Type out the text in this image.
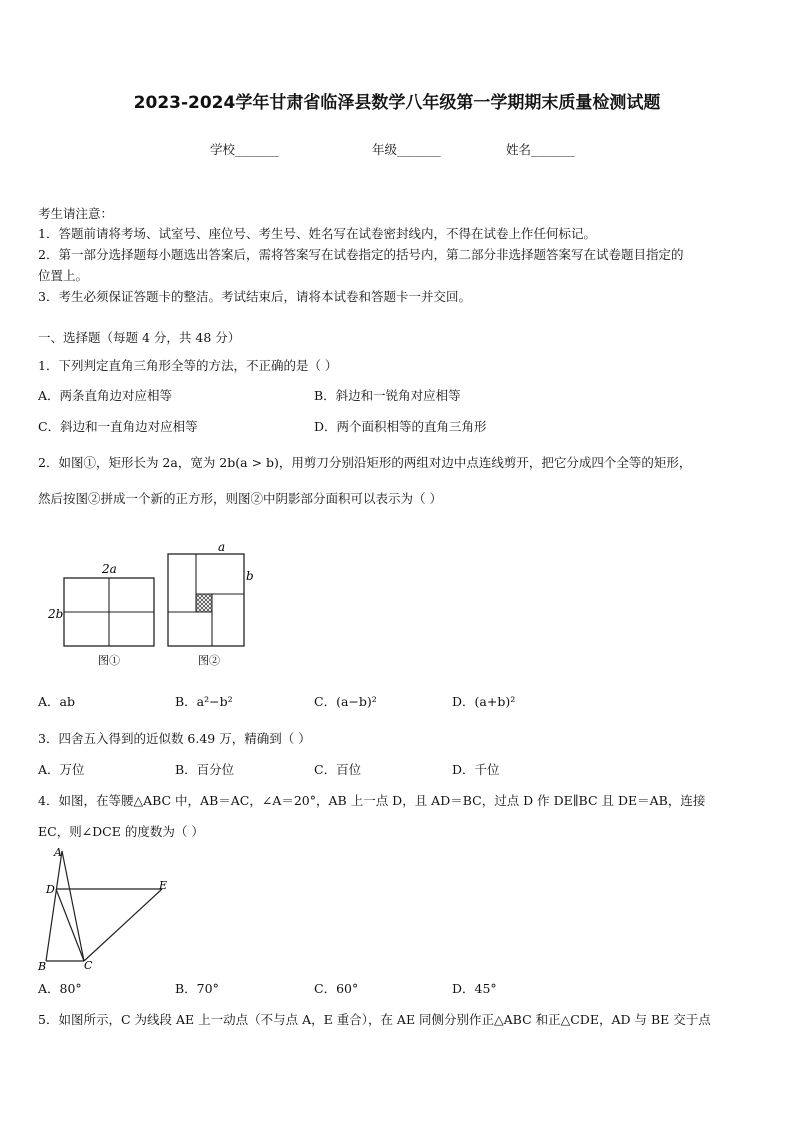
2023-2024学年甘肃省临泽县数学八年级第一学期期末质量检测试题
学校_______	年级_______	姓名_______
考生请注意：
1．答题前请将考场、试室号、座位号、考生号、姓名写在试卷密封线内，不得在试卷上作任何标记。
2．第一部分选择题每小题选出答案后，需将答案写在试卷指定的括号内，第二部分非选择题答案写在试卷题目指定的
位置上。
3．考生必须保证答题卡的整洁。考试结束后，请将本试卷和答题卡一并交回。
一、选择题（每题 4 分，共 48 分）
1．下列判定直角三角形全等的方法，不正确的是（ ）
A．两条直角边对应相等	B．斜边和一锐角对应相等
C．斜边和一直角边对应相等	D．两个面积相等的直角三角形
2．如图①，矩形长为 2a，宽为 2b(a > b)，用剪刀分别沿矩形的两组对边中点连线剪开，把它分成四个全等的矩形，
然后按图②拼成一个新的正方形，则图②中阴影部分面积可以表示为（ ）
2a
2b
图①
a
b
图②
A．ab	B．a²−b²	C．(a−b)²	D．(a+b)²
3．四舍五入得到的近似数 6.49 万，精确到（ ）
A．万位	B．百分位	C．百位	D．千位
4．如图，在等腰△ABC 中，AB＝AC，∠A＝20°，AB 上一点 D，且 AD＝BC，过点 D 作 DE∥BC 且 DE＝AB，连接
EC，则∠DCE 的度数为（ ）
A
D	E
B	C
A．80°	B．70°	C．60°	D．45°
5．如图所示，C 为线段 AE 上一动点（不与点 A，E 重合），在 AE 同侧分别作正△ABC 和正△CDE，AD 与 BE 交于点
